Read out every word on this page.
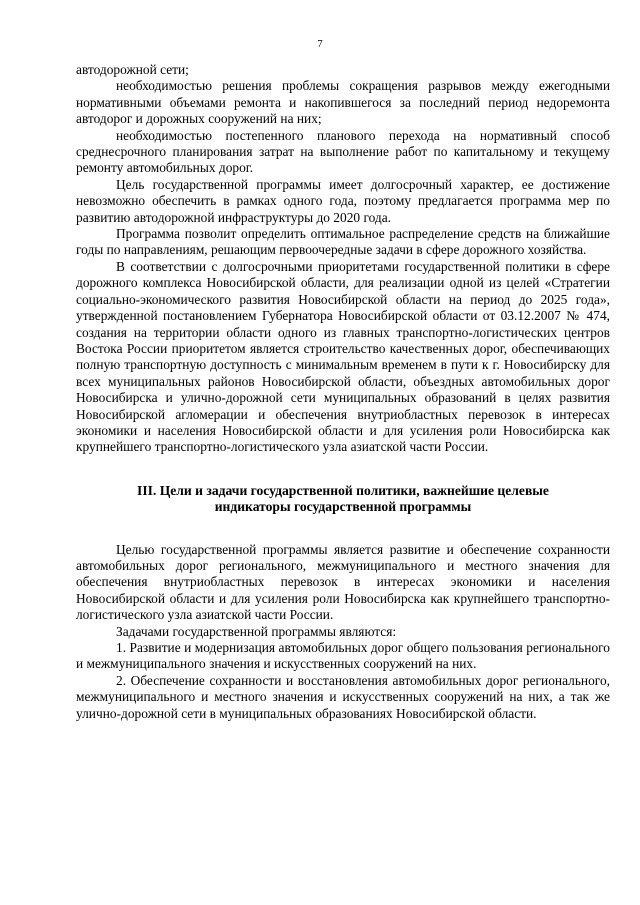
7

автодорожной сети;

необходимостью решения проблемы сокращения разрывов между ежегодными нормативными объемами ремонта и накопившегося за последний период недоремонта автодорог и дорожных сооружений на них;

необходимостью постепенного планового перехода на нормативный способ среднесрочного планирования затрат на выполнение работ по капитальному и текущему ремонту автомобильных дорог.

Цель государственной программы имеет долгосрочный характер, ее достижение невозможно обеспечить в рамках одного года, поэтому предлагается программа мер по развитию автодорожной инфраструктуры до 2020 года.

Программа позволит определить оптимальное распределение средств на ближайшие годы по направлениям, решающим первоочередные задачи в сфере дорожного хозяйства.

В соответствии с долгосрочными приоритетами государственной политики в сфере дорожного комплекса Новосибирской области, для реализации одной из целей «Стратегии социально-экономического развития Новосибирской области на период до 2025 года», утвержденной постановлением Губернатора Новосибирской области от 03.12.2007 № 474, создания на территории области одного из главных транспортно-логистических центров Востока России приоритетом является строительство качественных дорог, обеспечивающих полную транспортную доступность с минимальным временем в пути к г. Новосибирску для всех муниципальных районов Новосибирской области, объездных автомобильных дорог Новосибирска и улично-дорожной сети муниципальных образований в целях развития Новосибирской агломерации и обеспечения внутриобластных перевозок в интересах экономики и населения Новосибирской области и для усиления роли Новосибирска как крупнейшего транспортно-логистического узла азиатской части России.

III. Цели и задачи государственной политики, важнейшие целевые
индикаторы государственной программы

Целью государственной программы является развитие и обеспечение сохранности автомобильных дорог регионального, межмуниципального и местного значения для обеспечения внутриобластных перевозок в интересах экономики и населения Новосибирской области и для усиления роли Новосибирска как крупнейшего транспортно-логистического узла азиатской части России.

Задачами государственной программы являются:

1. Развитие и модернизация автомобильных дорог общего пользования регионального и межмуниципального значения и искусственных сооружений на них.

2. Обеспечение сохранности и восстановления автомобильных дорог регионального, межмуниципального и местного значения и искусственных сооружений на них, а так же улично-дорожной сети в муниципальных образованиях Новосибирской области.
